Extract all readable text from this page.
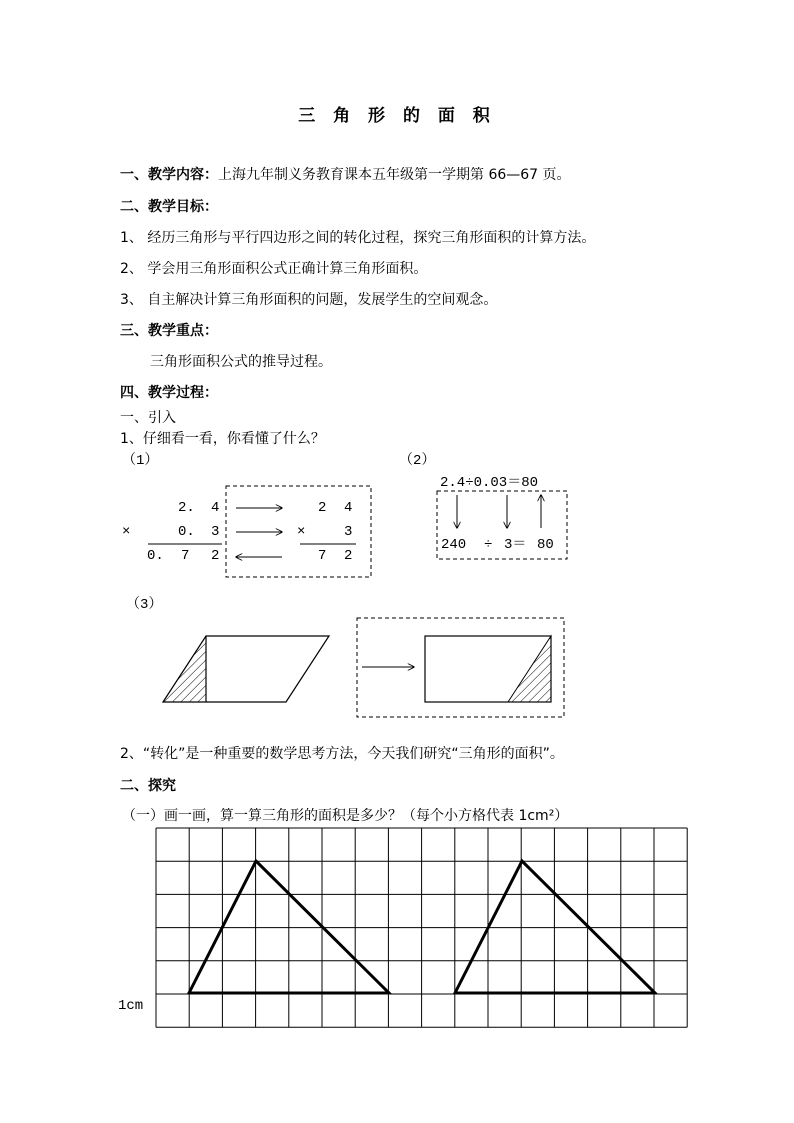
三 角 形 的 面 积
一、教学内容：上海九年制义务教育课本五年级第一学期第 66—67 页。
二、教学目标：
1、 经历三角形与平行四边形之间的转化过程，探究三角形面积的计算方法。
2、 学会用三角形面积公式正确计算三角形面积。
3、 自主解决计算三角形面积的问题，发展学生的空间观念。
三、教学重点：
三角形面积公式的推导过程。
四、教学过程：
一、引入
1、仔细看一看，你看懂了什么？
（1）
2. 4
×	0. 3
0. 7 2
2 4
×	3
7 2
（2）
2.4÷0.03＝80
240 ÷ 3＝ 80
（3）
2、“转化”是一种重要的数学思考方法，今天我们研究“三角形的面积”。
二、探究
（一）画一画，算一算三角形的面积是多少？（每个小方格代表 1cm²）
1cm
